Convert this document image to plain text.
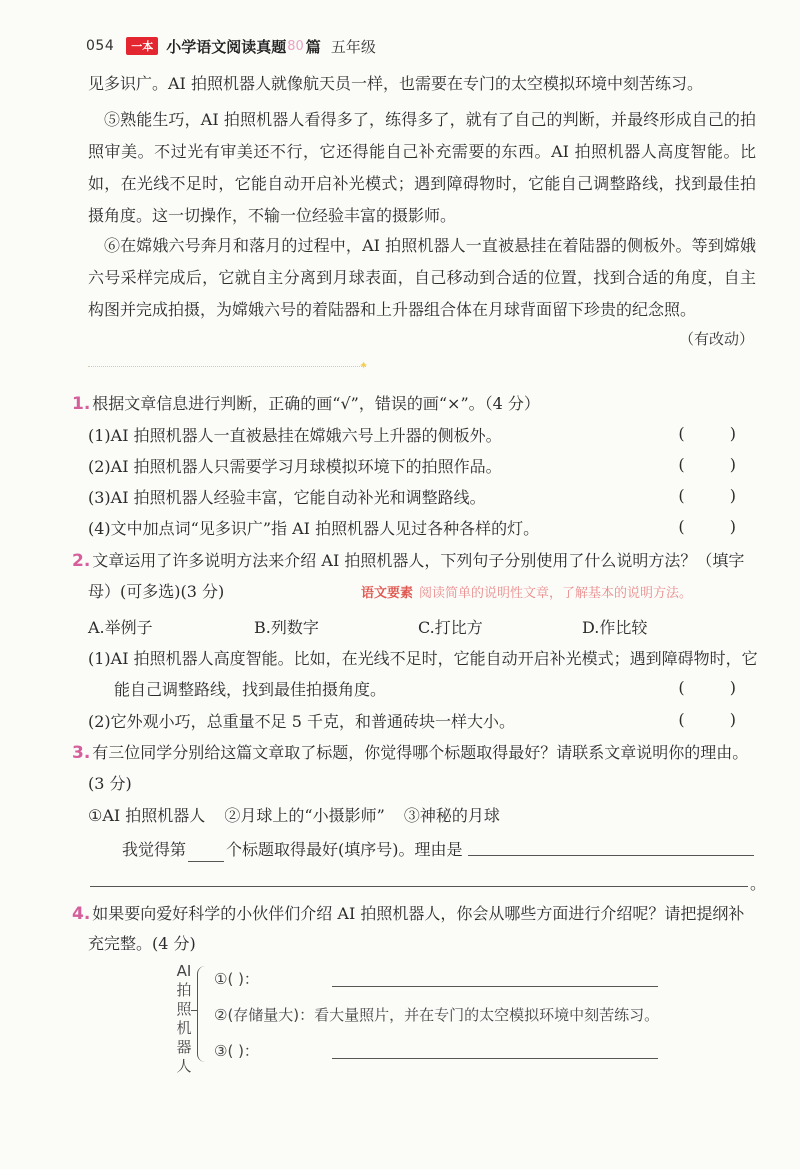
054	一本 小学语文阅读真题 80 篇 五年级
见多识广。AI 拍照机器人就像航天员一样，也需要在专门的太空模拟环境中刻苦练习。
⑤熟能生巧，AI 拍照机器人看得多了，练得多了，就有了自己的判断，并最终形成自己的拍照审美。不过光有审美还不行，它还得能自己补充需要的东西。AI 拍照机器人高度智能。比如，在光线不足时，它能自动开启补光模式；遇到障碍物时，它能自己调整路线，找到最佳拍摄角度。这一切操作，不输一位经验丰富的摄影师。
⑥在嫦娥六号奔月和落月的过程中，AI 拍照机器人一直被悬挂在着陆器的侧板外。等到嫦娥六号采样完成后，它就自主分离到月球表面，自己移动到合适的位置，找到合适的角度，自主构图并完成拍摄，为嫦娥六号的着陆器和上升器组合体在月球背面留下珍贵的纪念照。
（有改动）
✦
1. 根据文章信息进行判断，正确的画“√”，错误的画“×”。（4 分）
(1)AI 拍照机器人一直被悬挂在嫦娥六号上升器的侧板外。	( )
(2)AI 拍照机器人只需要学习月球模拟环境下的拍照作品。	( )
(3)AI 拍照机器人经验丰富，它能自动补光和调整路线。	( )
(4)文中加点词“见多识广”指 AI 拍照机器人见过各种各样的灯。	( )
2. 文章运用了许多说明方法来介绍 AI 拍照机器人，下列句子分别使用了什么说明方法？（填字
母）(可多选)(3 分)	语文要素 阅读简单的说明性文章，了解基本的说明方法。
A.举例子	B.列数字	C.打比方	D.作比较
(1)AI 拍照机器人高度智能。比如，在光线不足时，它能自动开启补光模式；遇到障碍物时，它
能自己调整路线，找到最佳拍摄角度。	( )
(2)它外观小巧，总重量不足 5 千克，和普通砖块一样大小。	( )
3. 有三位同学分别给这篇文章取了标题，你觉得哪个标题取得最好？请联系文章说明你的理由。
(3 分)
①AI 拍照机器人 ②月球上的“小摄影师” ③神秘的月球
我觉得第	个标题取得最好(填序号)。理由是
。
4. 如果要向爱好科学的小伙伴们介绍 AI 拍照机器人，你会从哪些方面进行介绍呢？请把提纲补
充完整。(4 分)
AI
拍
照
机
器
人
①( )：
②(存储量大)：看大量照片，并在专门的太空模拟环境中刻苦练习。
③( )：
